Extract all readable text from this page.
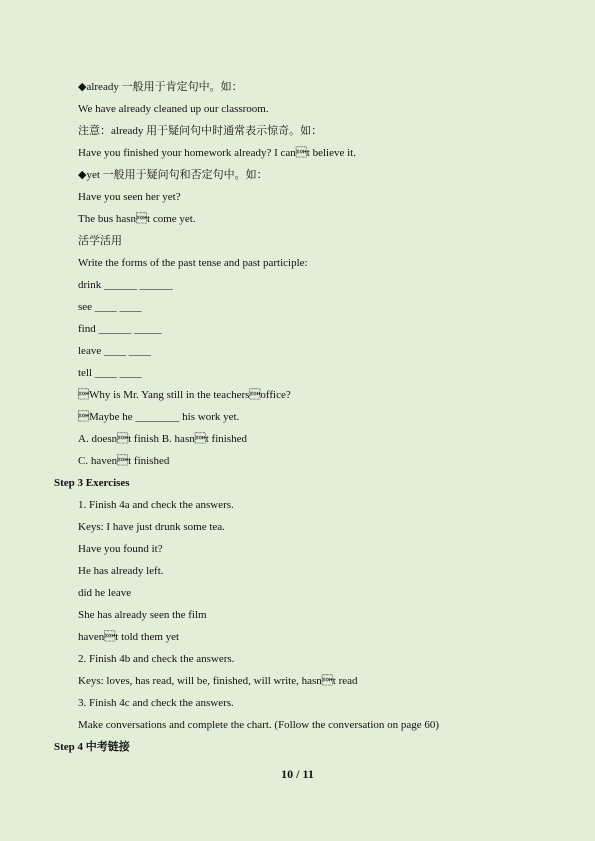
◆already 一般用于肯定句中。如：
We have already cleaned up our classroom.
注意：already 用于疑问句中时通常表示惊奇。如：
Have you finished your homework already? I cant believe it.
◆yet 一般用于疑问句和否定句中。如：
Have you seen her yet?
The bus hasnt come yet.
活学活用
Write the forms of the past tense and past participle:
drink ______ ______
see ____ ____
find ______ _____
leave ____ ____
tell ____ ____
Why is Mr. Yang still in the teachersoffice?
Maybe he ________ his work yet.
A. doesnt finish B. hasnt finished
C. havent finished
Step 3 Exercises
1. Finish 4a and check the answers.
Keys: I have just drunk some tea.
Have you found it?
He has already left.
did he leave
She has already seen the film
havent told them yet
2. Finish 4b and check the answers.
Keys: loves, has read, will be, finished, will write, hasnt read
3. Finish 4c and check the answers.
Make conversations and complete the chart. (Follow the conversation on page 60)
Step 4 中考链接
10 / 11
